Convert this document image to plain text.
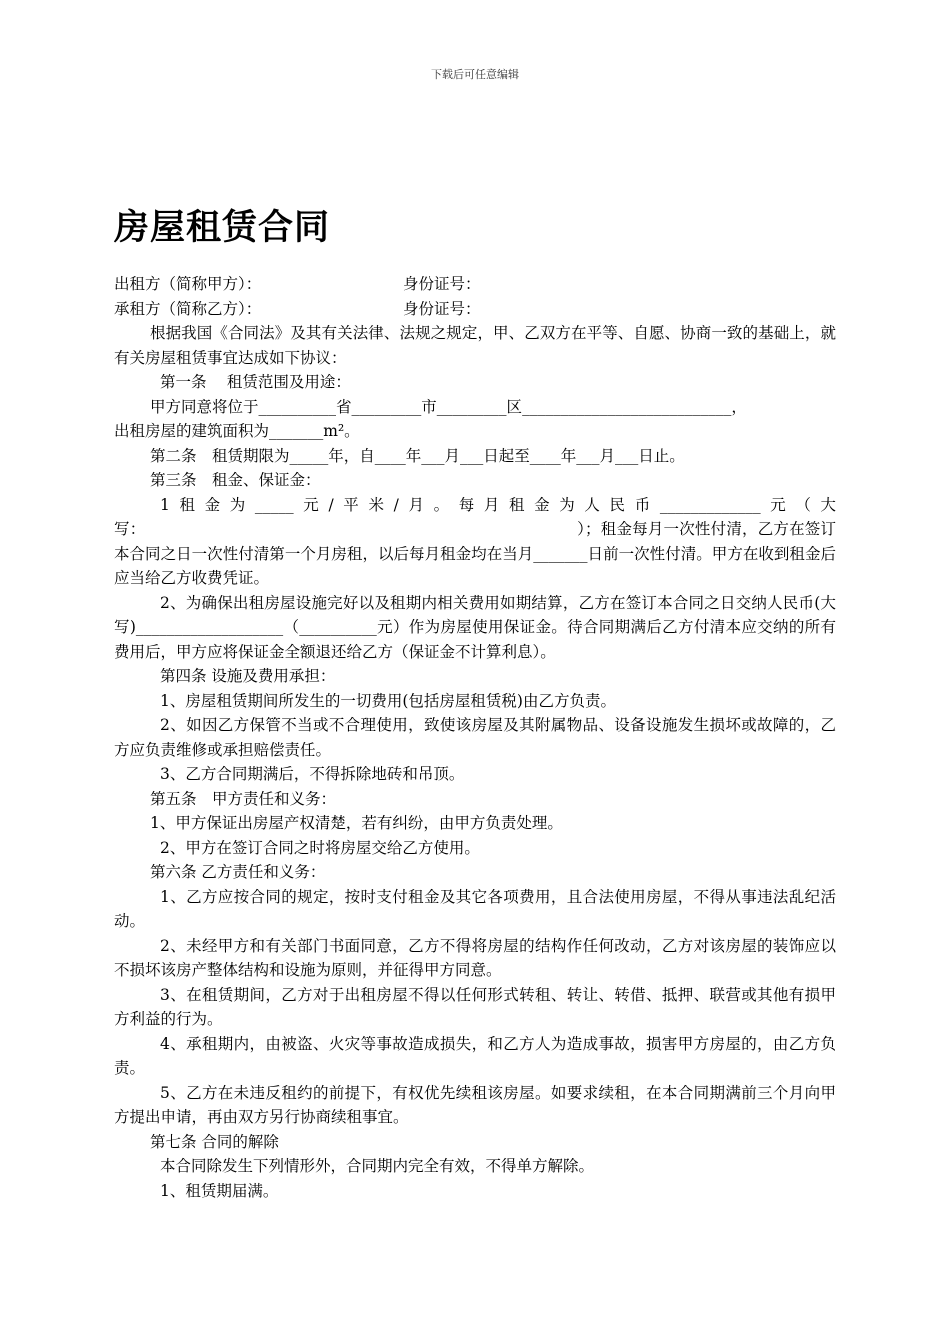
下载后可任意编辑
房屋租赁合同
出租方（简称甲方）：	身份证号：
承租方（简称乙方）：	身份证号：

根据我国《合同法》及其有关法律、法规之规定，甲、乙双方在平等、自愿、协商一致的基础上，就有关房屋租赁事宜达成如下协议：

第一条　 租赁范围及用途：

甲方同意将位于__________省_________市_________区___________________________，

出租房屋的建筑面积为_______m²。

第二条　租赁期限为_____年，自____年___月___日起至____年___月___日止。

第三条　租金、保证金：

1租金为_____元/平米/月。每月租金为人民币_____________元（大写：　　　　　　　　　　　　　　　　　　　　　　　　　　　　）；租金每月一次性付清，乙方在签订本合同之日一次性付清第一个月房租，以后每月租金均在当月_______日前一次性付清。甲方在收到租金后应当给乙方收费凭证。

2、为确保出租房屋设施完好以及租期内相关费用如期结算，乙方在签订本合同之日交纳人民币(大写)___________________（__________元）作为房屋使用保证金。待合同期满后乙方付清本应交纳的所有费用后，甲方应将保证金全额退还给乙方（保证金不计算利息）。

第四条 设施及费用承担：

1、房屋租赁期间所发生的一切费用(包括房屋租赁税)由乙方负责。

2、如因乙方保管不当或不合理使用，致使该房屋及其附属物品、设备设施发生损坏或故障的，乙方应负责维修或承担赔偿责任。

3、乙方合同期满后，不得拆除地砖和吊顶。

第五条　甲方责任和义务：

1、甲方保证出房屋产权清楚，若有纠纷，由甲方负责处理。

2、甲方在签订合同之时将房屋交给乙方使用。

第六条 乙方责任和义务：

1、乙方应按合同的规定，按时支付租金及其它各项费用，且合法使用房屋，不得从事违法乱纪活动。

2、未经甲方和有关部门书面同意，乙方不得将房屋的结构作任何改动，乙方对该房屋的装饰应以不损坏该房产整体结构和设施为原则，并征得甲方同意。

3、在租赁期间，乙方对于出租房屋不得以任何形式转租、转让、转借、抵押、联营或其他有损甲方利益的行为。

4、承租期内，由被盗、火灾等事故造成损失，和乙方人为造成事故，损害甲方房屋的，由乙方负责。

5、乙方在未违反租约的前提下，有权优先续租该房屋。如要求续租，在本合同期满前三个月向甲方提出申请，再由双方另行协商续租事宜。

第七条 合同的解除

本合同除发生下列情形外，合同期内完全有效，不得单方解除。

1、租赁期届满。
